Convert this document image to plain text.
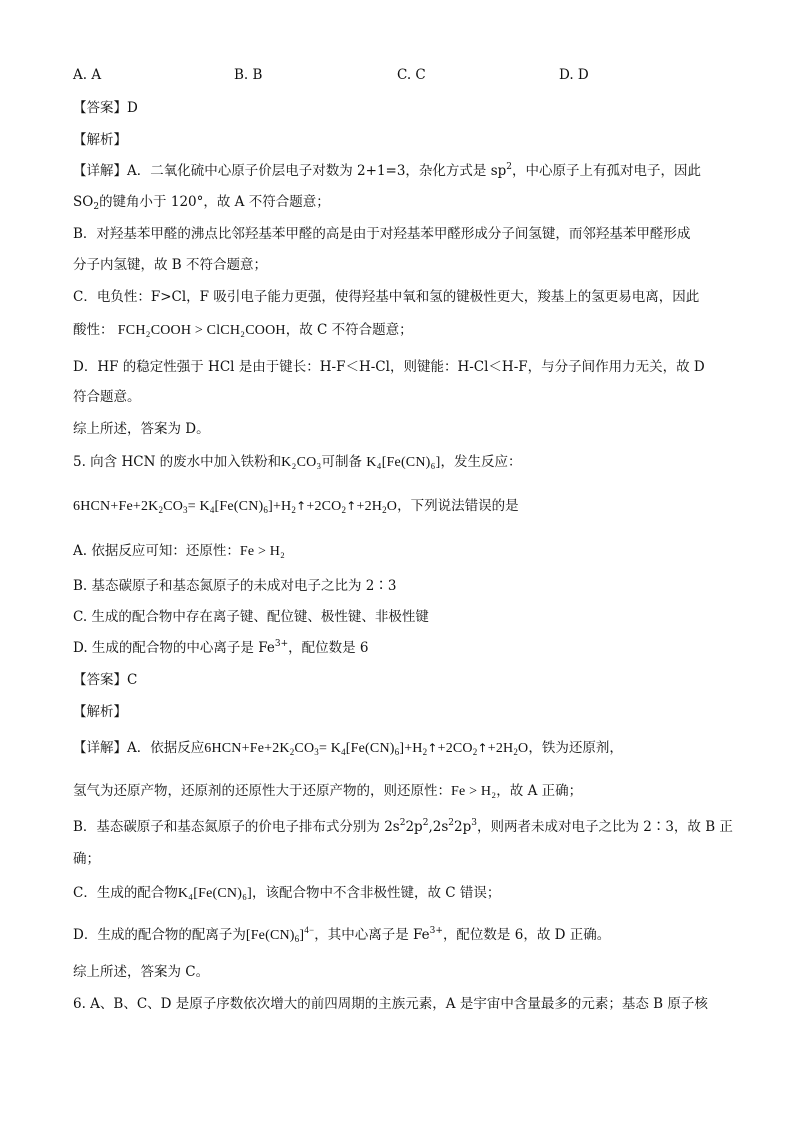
A. A	B. B	C. C	D. D
【答案】D
【解析】
【详解】A．二氧化硫中心原子价层电子对数为 2+1=3，杂化方式是 $sp^2$，中心原子上有孤对电子，因此
$SO_2$的键角小于 120°，故 A 不符合题意；
B．对羟基苯甲醛的沸点比邻羟基苯甲醛的高是由于对羟基苯甲醛形成分子间氢键，而邻羟基苯甲醛形成
分子内氢键，故 B 不符合题意；
C．电负性：F>Cl，F 吸引电子能力更强，使得羟基中氧和氢的键极性更大，羧基上的氢更易电离，因此
酸性： FCH₂COOH > ClCH₂COOH，故 C 不符合题意；
D．HF 的稳定性强于 HCl 是由于键长：H-F＜H-Cl，则键能：H-Cl＜H-F，与分子间作用力无关，故 D
符合题意。
综上所述，答案为 D。
5. 向含 HCN 的废水中加入铁粉和K₂CO₃可制备 K₄[Fe(CN)₆]，发生反应：
$6HCN+Fe+2K_2CO_3=$ $K_4[Fe(CN)_6]+H_2↑+2CO_2↑+2H_2O$，下列说法错误的是
A. 依据反应可知：还原性：Fe > H₂
B. 基态碳原子和基态氮原子的未成对电子之比为 2∶3
C. 生成的配合物中存在离子键、配位键、极性键、非极性键
D. 生成的配合物的中心离子是 $Fe^{3+}$，配位数是 6
【答案】C
【解析】
【详解】A．依据反应$6HCN+Fe+2K_2CO_3=$ $K_4[Fe(CN)_6]+H_2↑+2CO_2↑+2H_2O$，铁为还原剂，
氢气为还原产物，还原剂的还原性大于还原产物的，则还原性：Fe > H₂，故 A 正确；
B．基态碳原子和基态氮原子的价电子排布式分别为 $2s^22p^2,2s^22p^3$，则两者未成对电子之比为 2∶3，故 B 正
确；
C．生成的配合物K₄[Fe(CN)₆]，该配合物中不含非极性键，故 C 错误；
D．生成的配合物的配离子为$[Fe(CN)_6]^{4-}$，其中心离子是 $Fe^{3+}$，配位数是 6，故 D 正确。
综上所述，答案为 C。
6. A、B、C、D 是原子序数依次增大的前四周期的主族元素，A 是宇宙中含量最多的元素；基态 B 原子核
